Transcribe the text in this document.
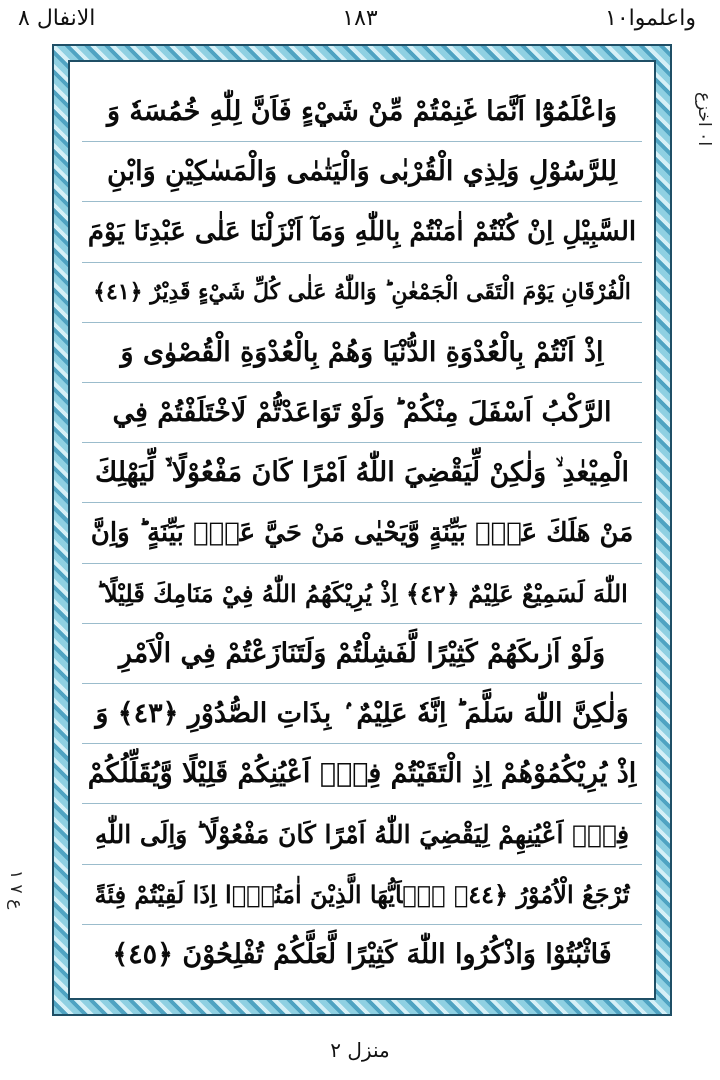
واعلموا١٠
١٨٣
الانفال ٨
ا٠ اخزع
ع ٧ ۱
وَاعْلَمُوْٓا اَنَّمَا غَنِمْتُمْ مِّنْ شَيْءٍ فَاَنَّ لِلّٰهِ خُمُسَهٗ وَ
لِلرَّسُوْلِ وَلِذِي الْقُرْبٰى وَالْيَتٰمٰى وَالْمَسٰكِيْنِ وَابْنِ
السَّبِيْلِ اِنْ كُنْتُمْ اٰمَنْتُمْ بِاللّٰهِ وَمَآ اَنْزَلْنَا عَلٰى عَبْدِنَا يَوْمَ
الْفُرْقَانِ يَوْمَ الْتَقَى الْجَمْعٰنِ ؕ وَاللّٰهُ عَلٰى كُلِّ شَيْءٍ قَدِيْرٌ ﴿٤١﴾
اِذْ اَنْتُمْ بِالْعُدْوَةِ الدُّنْيَا وَهُمْ بِالْعُدْوَةِ الْقُصْوٰى وَ
الرَّكْبُ اَسْفَلَ مِنْكُمْ ؕ وَلَوْ تَوَاعَدْتُّمْ لَاخْتَلَفْتُمْ فِي
الْمِيْعٰدِ ۙ وَلٰكِنْ لِّيَقْضِيَ اللّٰهُ اَمْرًا كَانَ مَفْعُوْلًا ۙ۬ لِّيَهْلِكَ
مَنْ هَلَكَ عَنْۢ بَيِّنَةٍ وَّيَحْيٰى مَنْ حَيَّ عَنْۢ بَيِّنَةٍ ؕ وَاِنَّ
اللّٰهَ لَسَمِيْعٌ عَلِيْمٌ ﴿٤٢﴾ اِذْ يُرِيْكَهُمُ اللّٰهُ فِيْ مَنَامِكَ قَلِيْلًا ؕ
وَلَوْ اَرٰىكَهُمْ كَثِيْرًا لَّفَشِلْتُمْ وَلَتَنَازَعْتُمْ فِي الْاَمْرِ
وَلٰكِنَّ اللّٰهَ سَلَّمَ ؕ اِنَّهٗ عَلِيْمٌ ۢ بِذَاتِ الصُّدُوْرِ ﴿٤٣﴾ وَ
اِذْ يُرِيْكُمُوْهُمْ اِذِ الْتَقَيْتُمْ فِيْۤ اَعْيُنِكُمْ قَلِيْلًا وَّيُقَلِّلُكُمْ
فِيْۤ اَعْيُنِهِمْ لِيَقْضِيَ اللّٰهُ اَمْرًا كَانَ مَفْعُوْلًا ؕ وَاِلَى اللّٰهِ
تُرْجَعُ الْاُمُوْرُ ﴿٤٤﴾ يٰۤاَيُّهَا الَّذِيْنَ اٰمَنُوْۤا اِذَا لَقِيْتُمْ فِئَةً
فَاثْبُتُوْا وَاذْكُرُوا اللّٰهَ كَثِيْرًا لَّعَلَّكُمْ تُفْلِحُوْنَ ﴿٤٥﴾
منزل ٢
